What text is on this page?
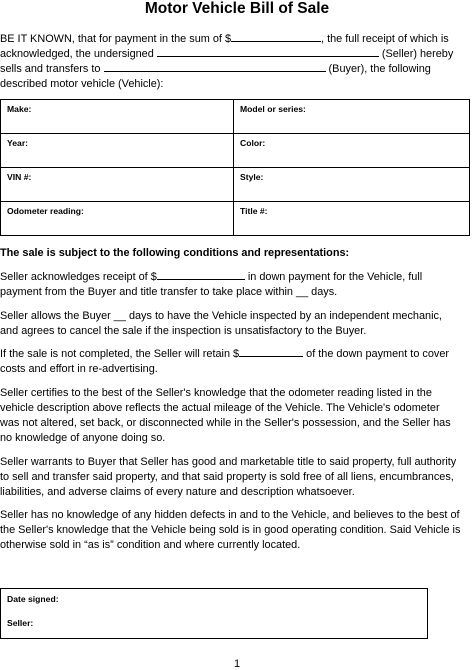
Motor Vehicle Bill of Sale

BE IT KNOWN, that for payment in the sum of $	, the full receipt of which is
acknowledged, the undersigned	(Seller) hereby
sells and transfers to	(Buyer), the following
described motor vehicle (Vehicle):

Make:	Model or series:
Year:	Color:
VIN #:	Style:
Odometer reading:	Title #:

The sale is subject to the following conditions and representations:

Seller acknowledges receipt of $	in down payment for the Vehicle, full
payment from the Buyer and title transfer to take place within __ days.

Seller allows the Buyer __ days to have the Vehicle inspected by an independent mechanic,
and agrees to cancel the sale if the inspection is unsatisfactory to the Buyer.

If the sale is not completed, the Seller will retain $	of the down payment to cover
costs and effort in re-advertising.

Seller certifies to the best of the Seller's knowledge that the odometer reading listed in the
vehicle description above reflects the actual mileage of the Vehicle. The Vehicle's odometer
was not altered, set back, or disconnected while in the Seller's possession, and the Seller has
no knowledge of anyone doing so.

Seller warrants to Buyer that Seller has good and marketable title to said property, full authority
to sell and transfer said property, and that said property is sold free of all liens, encumbrances,
liabilities, and adverse claims of every nature and description whatsoever.

Seller has no knowledge of any hidden defects in and to the Vehicle, and believes to the best of
the Seller's knowledge that the Vehicle being sold is in good operating condition. Said Vehicle is
otherwise sold in “as is” condition and where currently located.

Date signed:
Seller:
1
